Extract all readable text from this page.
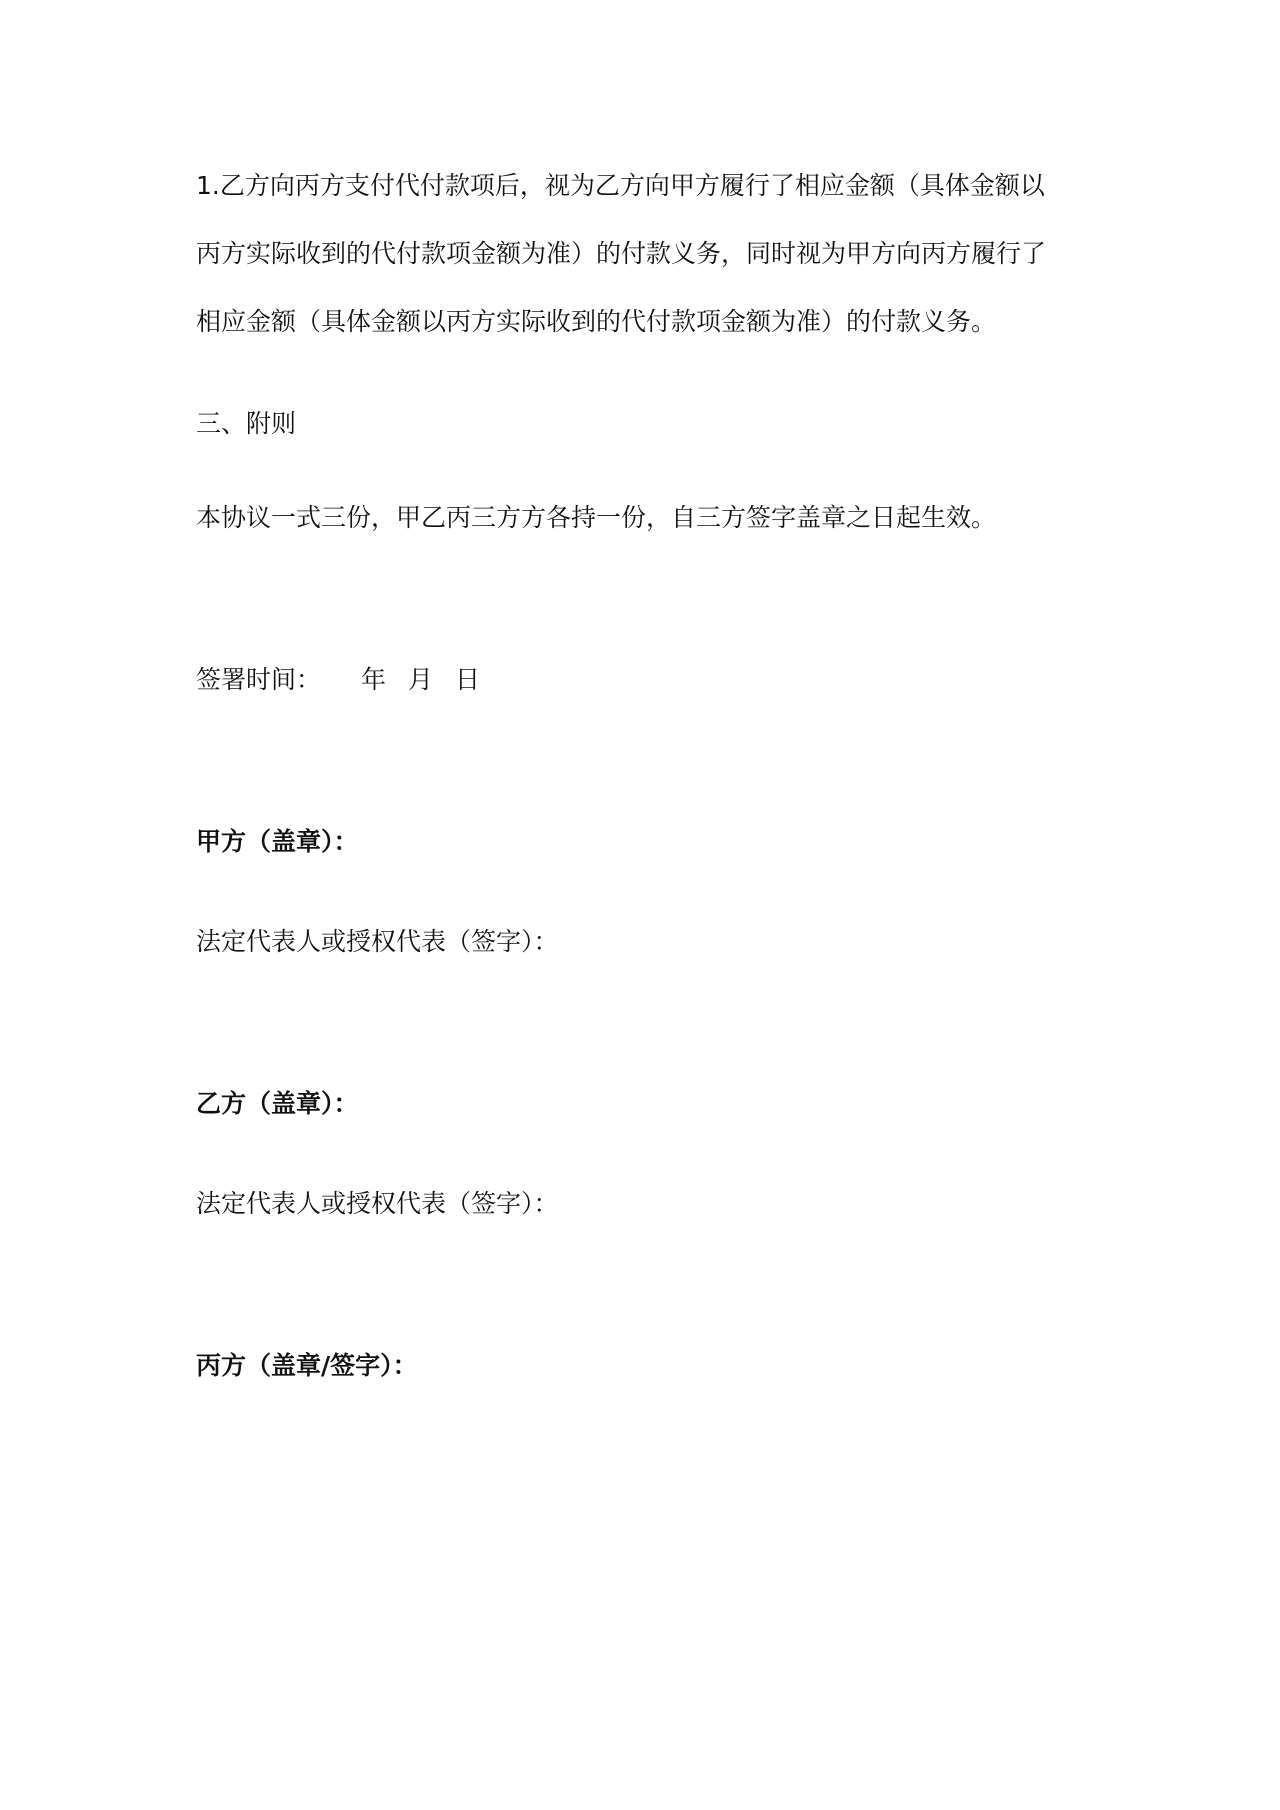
1.乙方向丙方支付代付款项后，视为乙方向甲方履行了相应金额（具体金额以
丙方实际收到的代付款项金额为准）的付款义务，同时视为甲方向丙方履行了
相应金额（具体金额以丙方实际收到的代付款项金额为准）的付款义务。
三、附则
本协议一式三份，甲乙丙三方方各持一份，自三方签字盖章之日起生效。
签署时间： 年 月 日
甲方（盖章）：
法定代表人或授权代表（签字）：
乙方（盖章）：
法定代表人或授权代表（签字）：
丙方（盖章/签字）：
